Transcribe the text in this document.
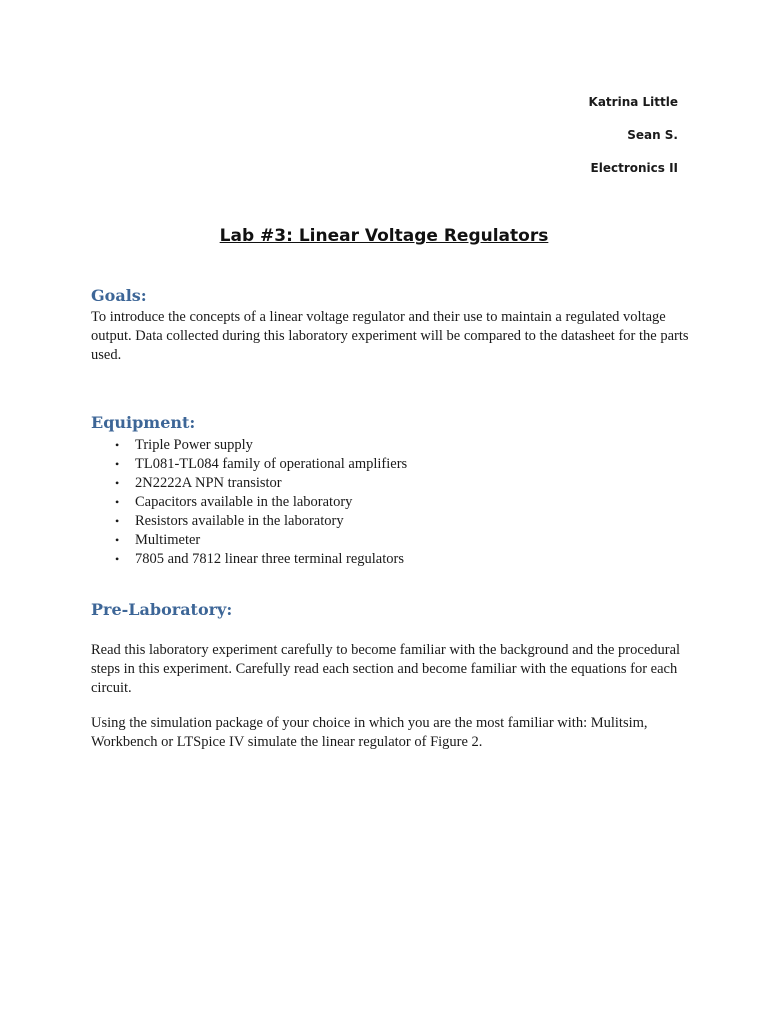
Katrina Little
Sean S.
Electronics II
Lab #3: Linear Voltage Regulators
Goals:
To introduce the concepts of a linear voltage regulator and their use to maintain a regulated voltage output. Data collected during this laboratory experiment will be compared to the datasheet for the parts used.
Equipment:
• Triple Power supply
• TL081-TL084 family of operational amplifiers
• 2N2222A NPN transistor
• Capacitors available in the laboratory
• Resistors available in the laboratory
• Multimeter
• 7805 and 7812 linear three terminal regulators
Pre-Laboratory:
Read this laboratory experiment carefully to become familiar with the background and the procedural steps in this experiment. Carefully read each section and become familiar with the equations for each circuit.
Using the simulation package of your choice in which you are the most familiar with: Mulitsim, Workbench or LTSpice IV simulate the linear regulator of Figure 2.
